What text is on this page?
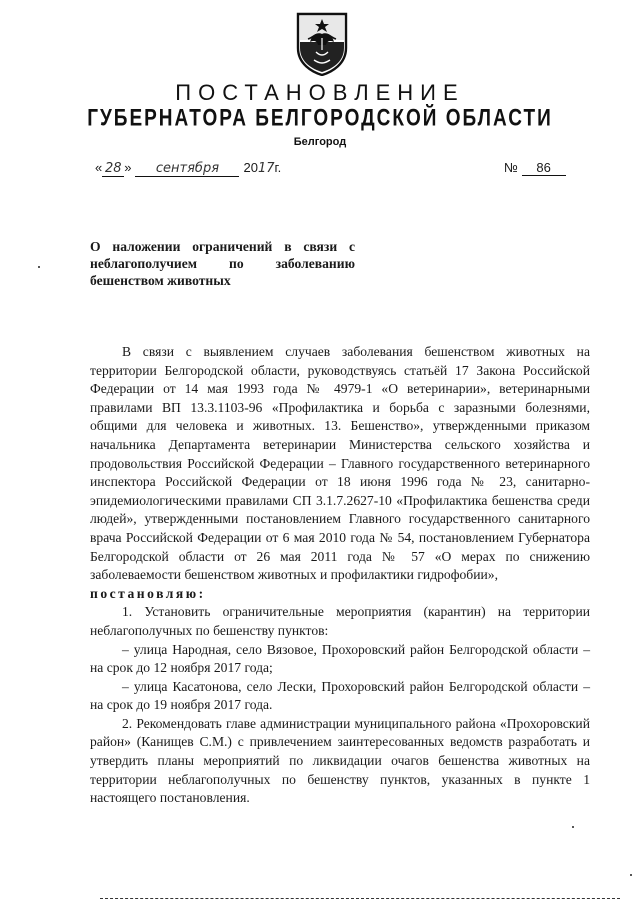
ПОСТАНОВЛЕНИЕ
ГУБЕРНАТОРА БЕЛГОРОДСКОЙ ОБЛАСТИ
Белгород
« 28 »	сентября	20 17 г.	№ 86
О наложении ограничений в связи с
неблагополучием по заболеванию
бешенством животных

В связи с выявлением случаев заболевания бешенством животных на территории Белгородской области, руководствуясь статьёй 17 Закона Российской Федерации от 14 мая 1993 года № 4979-1 «О ветеринарии», ветеринарными правилами ВП 13.3.1103-96 «Профилактика и борьба с заразными болезнями, общими для человека и животных. 13. Бешенство», утвержденными приказом начальника Департамента ветеринарии Министерства сельского хозяйства и продовольствия Российской Федерации – Главного государственного ветеринарного инспектора Российской Федерации от 18 июня 1996 года № 23, санитарно-эпидемиологическими правилами СП 3.1.7.2627-10 «Профилактика бешенства среди людей», утвержденными постановлением Главного государственного санитарного врача Российской Федерации от 6 мая 2010 года № 54, постановлением Губернатора Белгородской области от 26 мая 2011 года № 57 «О мерах по снижению заболеваемости бешенством животных и профилактики гидрофобии»,

постановляю:

1. Установить ограничительные мероприятия (карантин) на территории неблагополучных по бешенству пунктов:

– улица Народная, село Вязовое, Прохоровский район Белгородской области – на срок до 12 ноября 2017 года;

– улица Касатонова, село Лески, Прохоровский район Белгородской области – на срок до 19 ноября 2017 года.

2. Рекомендовать главе администрации муниципального района «Прохоровский район» (Канищев С.М.) с привлечением заинтересованных ведомств разработать и утвердить планы мероприятий по ликвидации очагов бешенства животных на территории неблагополучных по бешенству пунктов, указанных в пункте 1 настоящего постановления.
